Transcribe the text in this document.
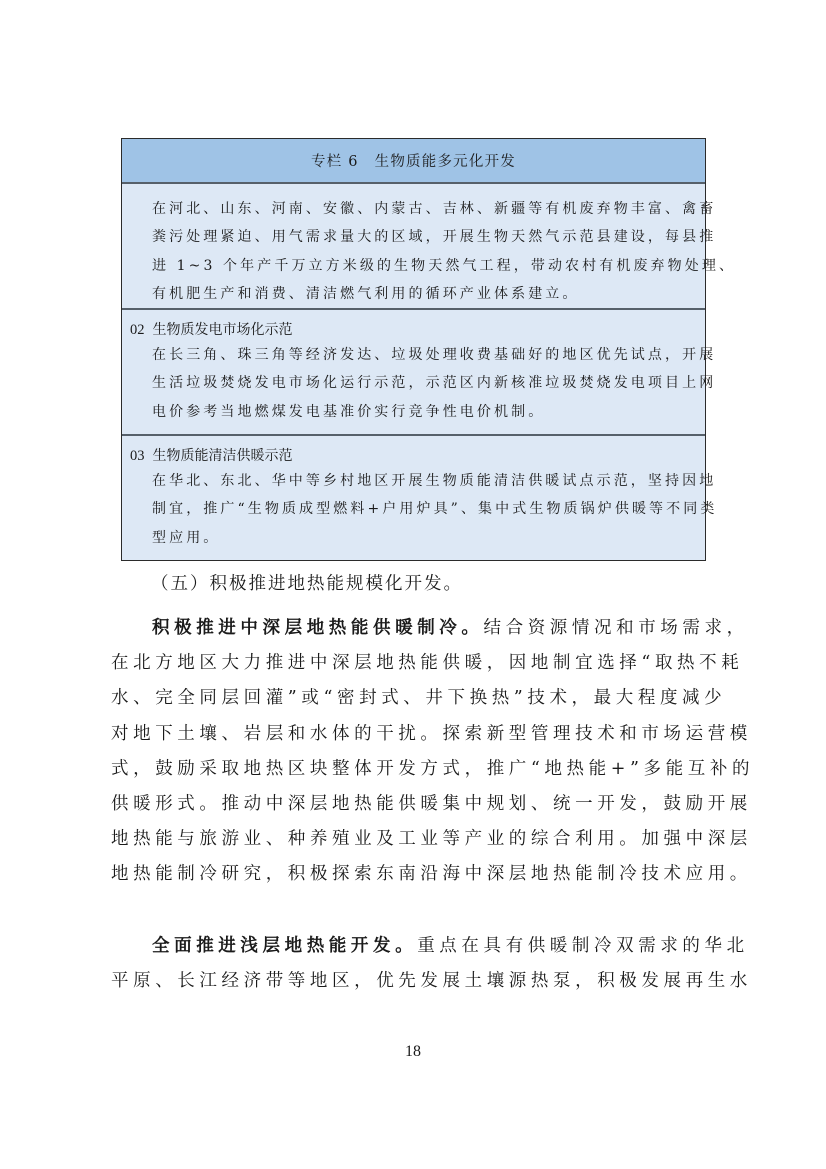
专栏 6 生物质能多元化开发
在河北、山东、河南、安徽、内蒙古、吉林、新疆等有机废弃物丰富、禽畜
粪污处理紧迫、用气需求量大的区域，开展生物天然气示范县建设，每县推
进 1~3 个年产千万立方米级的生物天然气工程，带动农村有机废弃物处理、
有机肥生产和消费、清洁燃气利用的循环产业体系建立。
02 生物质发电市场化示范
在长三角、珠三角等经济发达、垃圾处理收费基础好的地区优先试点，开展
生活垃圾焚烧发电市场化运行示范，示范区内新核准垃圾焚烧发电项目上网
电价参考当地燃煤发电基准价实行竞争性电价机制。
03 生物质能清洁供暖示范
在华北、东北、华中等乡村地区开展生物质能清洁供暖试点示范，坚持因地
制宜，推广“生物质成型燃料+户用炉具”、集中式生物质锅炉供暖等不同类
型应用。
（五）积极推进地热能规模化开发。
积极推进中深层地热能供暖制冷。结合资源情况和市场需求，
在北方地区大力推进中深层地热能供暖，因地制宜选择“取热不耗
水、完全同层回灌”或“密封式、井下换热”技术，最大程度减少
对地下土壤、岩层和水体的干扰。探索新型管理技术和市场运营模
式，鼓励采取地热区块整体开发方式，推广“地热能+”多能互补的
供暖形式。推动中深层地热能供暖集中规划、统一开发，鼓励开展
地热能与旅游业、种养殖业及工业等产业的综合利用。加强中深层
地热能制冷研究，积极探索东南沿海中深层地热能制冷技术应用。
全面推进浅层地热能开发。重点在具有供暖制冷双需求的华北
平原、长江经济带等地区，优先发展土壤源热泵，积极发展再生水
18
